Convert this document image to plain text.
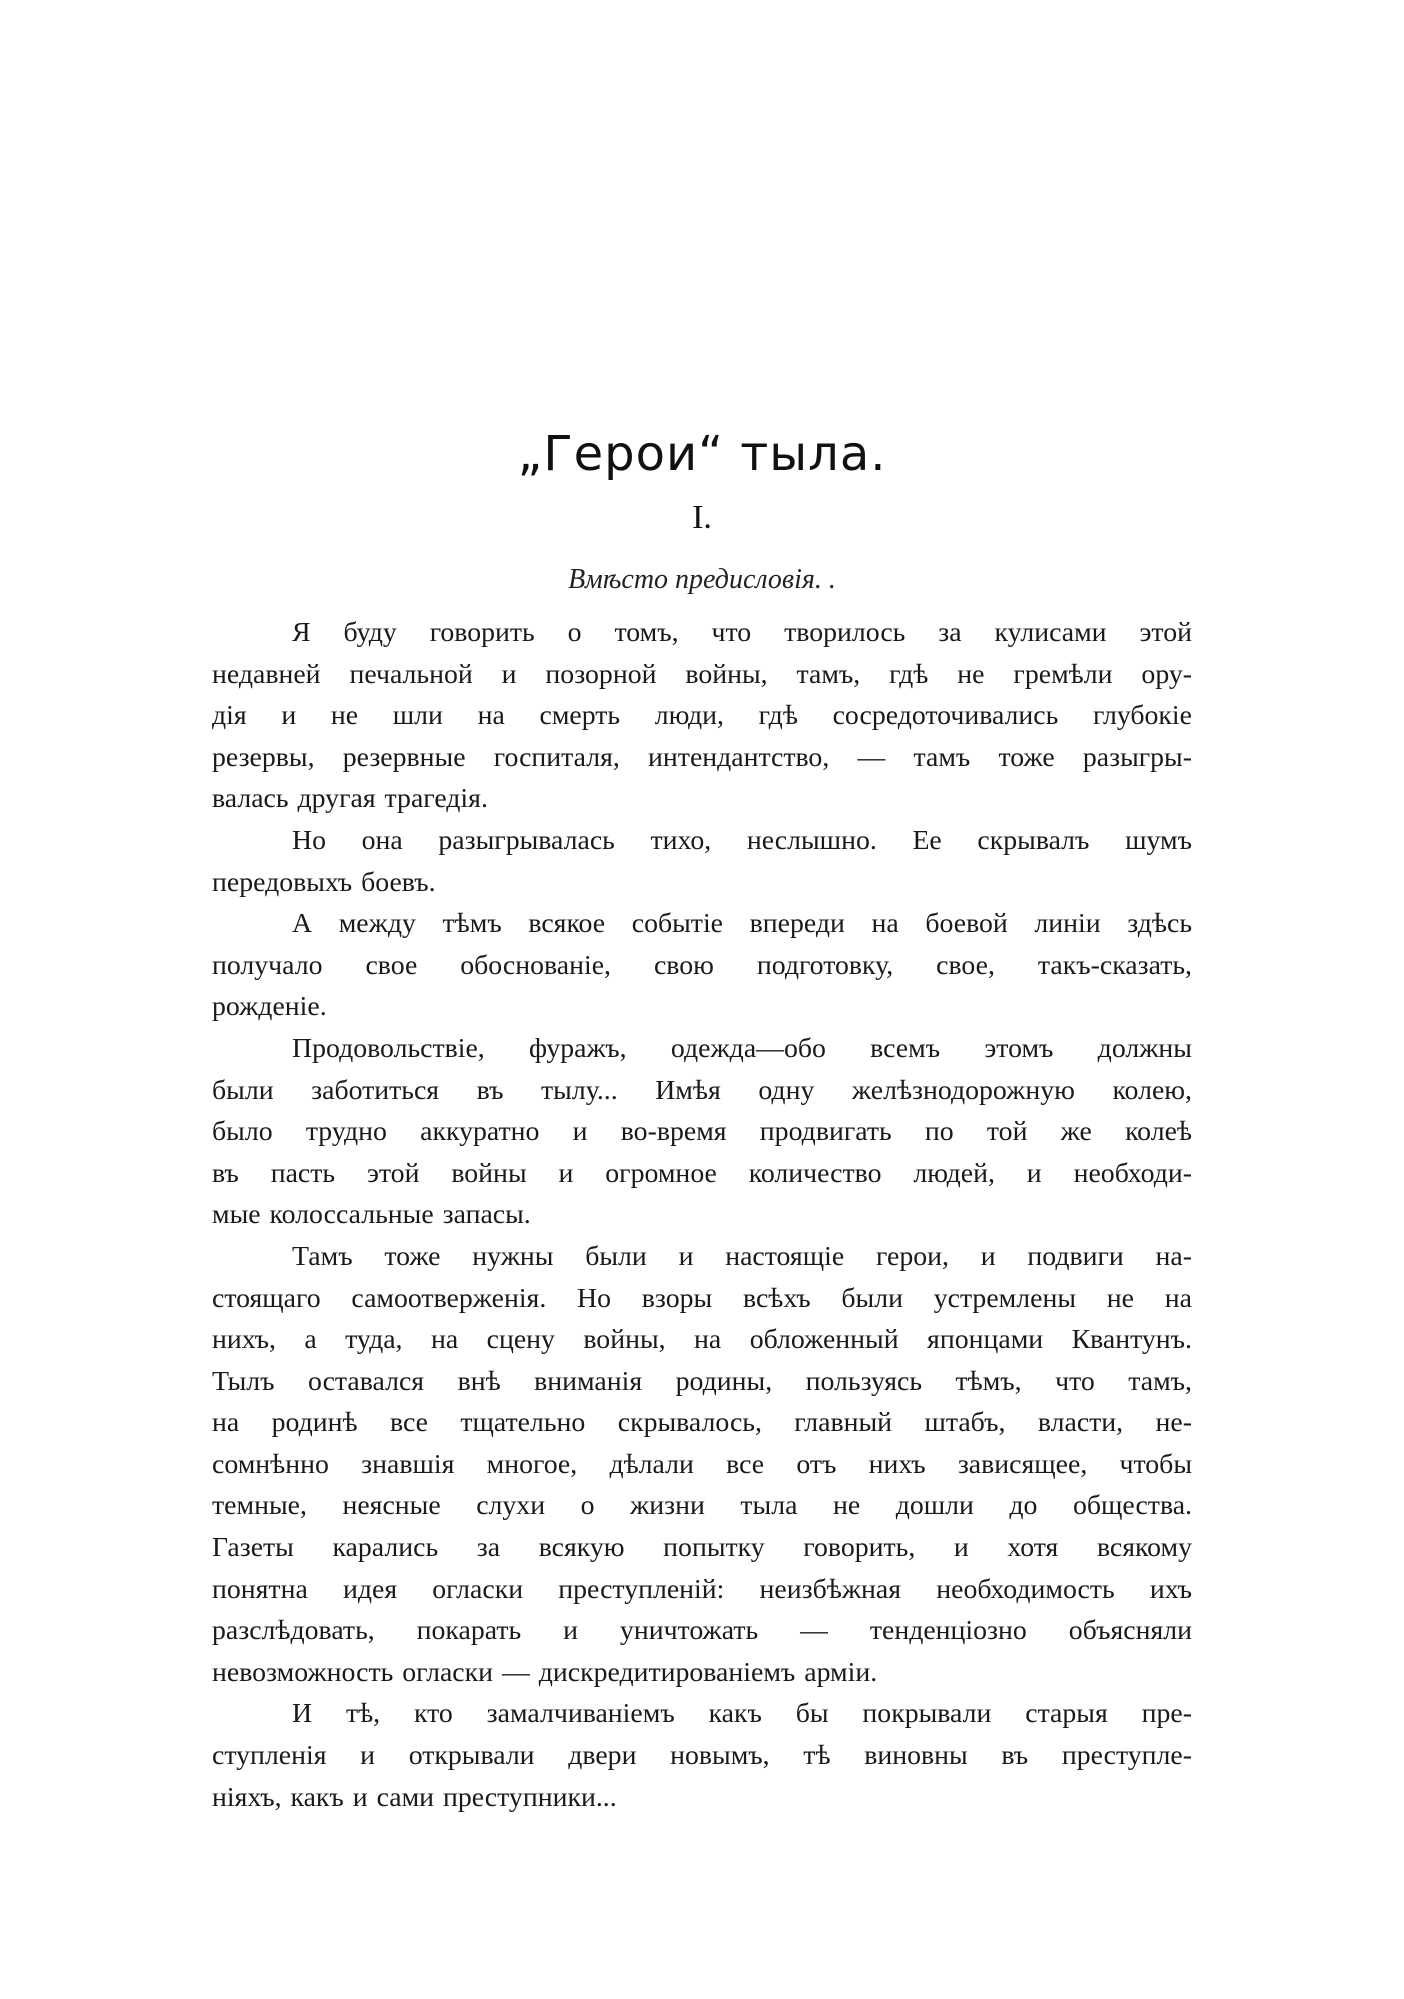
„Герои“ тыла.
I.
Вмѣсто предисловія. .
Я буду говорить о томъ, что творилось за кулисами этой
недавней печальной и позорной войны, тамъ, гдѣ не гремѣли ору-
дія и не шли на смерть люди, гдѣ сосредоточивались глубокіе
резервы, резервные госпиталя, интендантство, — тамъ тоже разыгры-
валась другая трагедія.
Но она разыгрывалась тихо, неслышно. Ее скрывалъ шумъ
передовыхъ боевъ.
А между тѣмъ всякое событіе впереди на боевой линіи здѣсь
получало свое обоснованіе, свою подготовку, свое, такъ-сказать,
рожденіе.
Продовольствіе, фуражъ, одежда—обо всемъ этомъ должны
были заботиться въ тылу... Имѣя одну желѣзнодорожную колею,
было трудно аккуратно и во-время продвигать по той же колеѣ
въ пасть этой войны и огромное количество людей, и необходи-
мые колоссальные запасы.
Тамъ тоже нужны были и настоящіе герои, и подвиги на-
стоящаго самоотверженія. Но взоры всѣхъ были устремлены не на
нихъ, а туда, на сцену войны, на обложенный японцами Квантунъ.
Тылъ оставался внѣ вниманія родины, пользуясь тѣмъ, что тамъ,
на родинѣ все тщательно скрывалось, главный штабъ, власти, не-
сомнѣнно знавшія многое, дѣлали все отъ нихъ зависящее, чтобы
темные, неясные слухи о жизни тыла не дошли до общества.
Газеты карались за всякую попытку говорить, и хотя всякому
понятна идея огласки преступленій: неизбѣжная необходимость ихъ
разслѣдовать, покарать и уничтожать — тенденціозно объясняли
невозможность огласки — дискредитированіемъ арміи.
И тѣ, кто замалчиваніемъ какъ бы покрывали старыя пре-
ступленія и открывали двери новымъ, тѣ виновны въ преступле-
ніяхъ, какъ и сами преступники...
